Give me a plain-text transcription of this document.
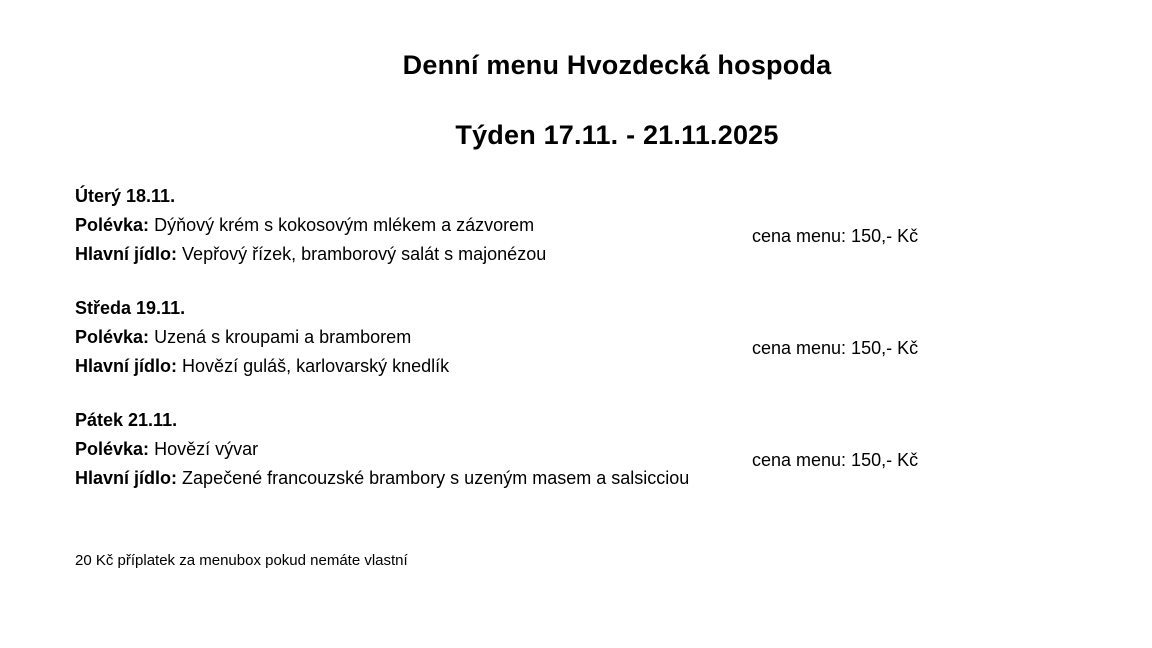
Denní menu Hvozdecká hospoda
Týden 17.11. - 21.11.2025
Úterý 18.11.
Polévka: Dýňový krém s kokosovým mlékem a zázvorem
Hlavní jídlo: Vepřový řízek, bramborový salát s majonézou
cena menu: 150,- Kč
Středa 19.11.
Polévka: Uzená s kroupami a bramborem
Hlavní jídlo: Hovězí guláš, karlovarský knedlík
cena menu: 150,- Kč
Pátek 21.11.
Polévka: Hovězí vývar
Hlavní jídlo: Zapečené francouzské brambory s uzeným masem a salsicciou
cena menu: 150,- Kč
20 Kč příplatek za menubox pokud nemáte vlastní
